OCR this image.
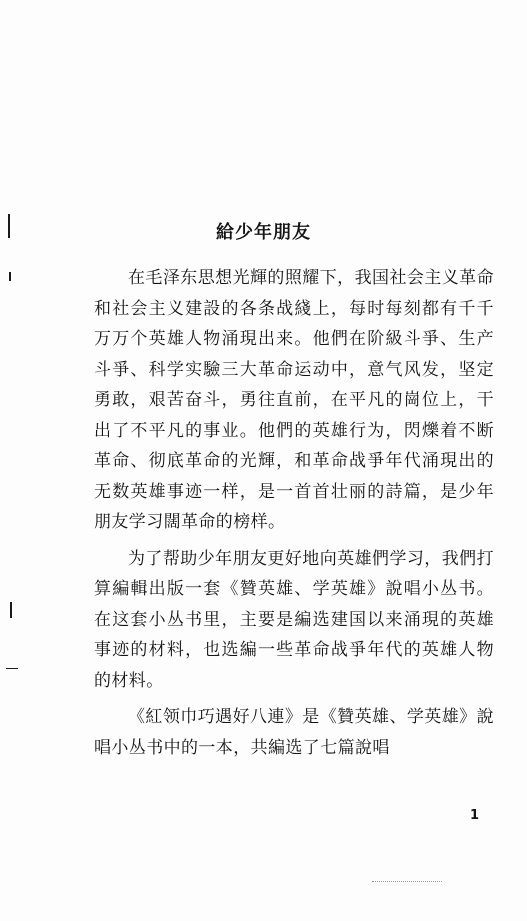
給少年朋友

在毛泽东思想光輝的照耀下，我国社会主义革命和社会主义建設的各条战綫上，每时每刻都有千千万万个英雄人物涌現出来。他們在阶級斗爭、生产斗爭、科学实驗三大革命运动中，意气风发，坚定勇敢，艰苦奋斗，勇往直前，在平凡的崗位上，干出了不平凡的事业。他們的英雄行为，閃爍着不断革命、彻底革命的光輝，和革命战爭年代涌現出的无数英雄事迹一样，是一首首壮丽的詩篇，是少年朋友学习闊革命的榜样。

为了帮助少年朋友更好地向英雄們学习，我們打算編輯出版一套《贊英雄、学英雄》說唱小丛书。在这套小丛书里，主要是編选建国以来涌現的英雄事迹的材料，也选編一些革命战爭年代的英雄人物的材料。

《紅领巾巧遇好八連》是《贊英雄、学英雄》說唱小丛书中的一本，共編选了七篇說唱

1
